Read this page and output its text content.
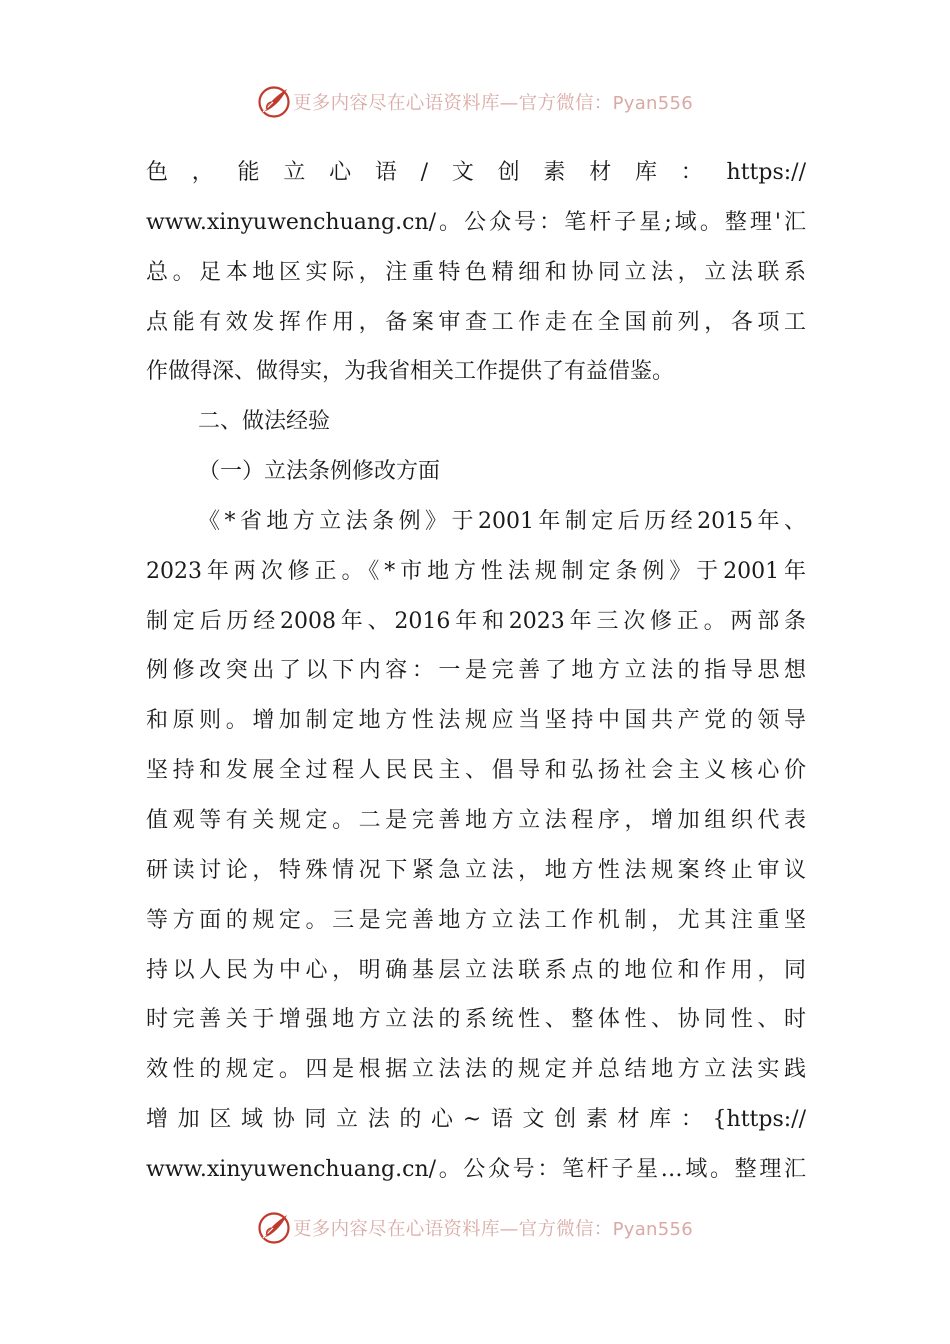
更多内容尽在心语资料库—官方微信：Pyan556
色，能立心语/文创素材库：https://
www.xinyuwenchuang.cn/。公众号：笔杆子星;域。整理'汇
总。足本地区实际，注重特色精细和协同立法，立法联系
点能有效发挥作用，备案审查工作走在全国前列，各项工
作做得深、做得实，为我省相关工作提供了有益借鉴。
二、做法经验
（一）立法条例修改方面
《*省地方立法条例》于2001年制定后历经2015年、
2023年两次修正。《*市地方性法规制定条例》于2001年
制定后历经2008年、2016年和2023年三次修正。两部条
例修改突出了以下内容：一是完善了地方立法的指导思想
和原则。增加制定地方性法规应当坚持中国共产党的领导
坚持和发展全过程人民民主、倡导和弘扬社会主义核心价
值观等有关规定。二是完善地方立法程序，增加组织代表
研读讨论，特殊情况下紧急立法，地方性法规案终止审议
等方面的规定。三是完善地方立法工作机制，尤其注重坚
持以人民为中心，明确基层立法联系点的地位和作用，同
时完善关于增强地方立法的系统性、整体性、协同性、时
效性的规定。四是根据立法法的规定并总结地方立法实践
增加区域协同立法的心~语文创素材库：{https://
www.xinyuwenchuang.cn/。公众号：笔杆子星…域。整理汇
更多内容尽在心语资料库—官方微信：Pyan556
